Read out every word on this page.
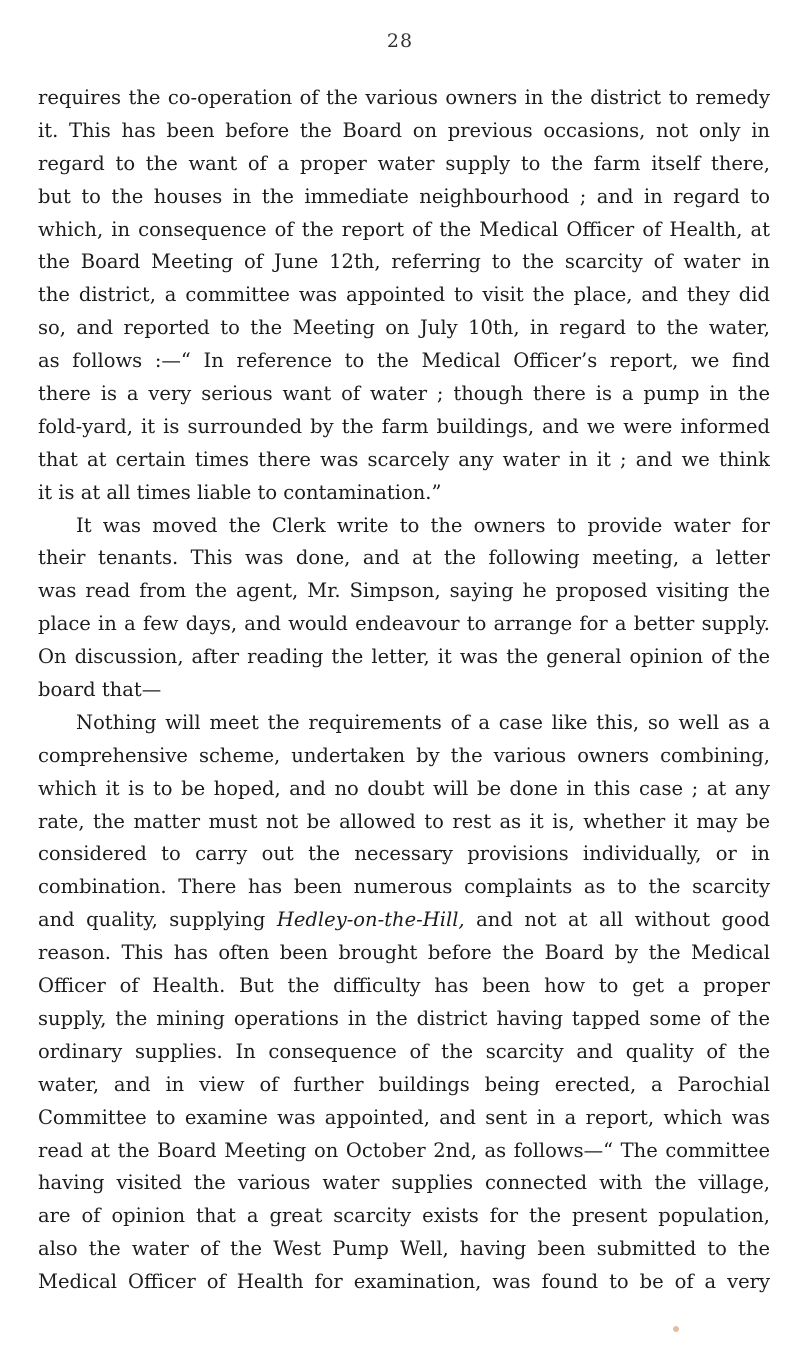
28
requires the co-operation of the various owners in the district to remedy
it. This has been before the Board on previous occasions, not only in
regard to the want of a proper water supply to the farm itself there,
but to the houses in the immediate neighbourhood ; and in regard to
which, in consequence of the report of the Medical Officer of Health, at
the Board Meeting of June 12th, referring to the scarcity of water in
the district, a committee was appointed to visit the place, and they did
so, and reported to the Meeting on July 10th, in regard to the water,
as follows :—“ In reference to the Medical Officer’s report, we find
there is a very serious want of water ; though there is a pump in the
fold-yard, it is surrounded by the farm buildings, and we were informed
that at certain times there was scarcely any water in it ; and we think
it is at all times liable to contamination.”
It was moved the Clerk write to the owners to provide water for
their tenants. This was done, and at the following meeting, a letter
was read from the agent, Mr. Simpson, saying he proposed visiting the
place in a few days, and would endeavour to arrange for a better supply.
On discussion, after reading the letter, it was the general opinion of the
board that—
Nothing will meet the requirements of a case like this, so well as a
comprehensive scheme, undertaken by the various owners combining,
which it is to be hoped, and no doubt will be done in this case ; at any
rate, the matter must not be allowed to rest as it is, whether it may be
considered to carry out the necessary provisions individually, or in
combination. There has been numerous complaints as to the scarcity
and quality, supplying Hedley-on-the-Hill, and not at all without good
reason. This has often been brought before the Board by the Medical
Officer of Health. But the difficulty has been how to get a proper
supply, the mining operations in the district having tapped some of the
ordinary supplies. In consequence of the scarcity and quality of the
water, and in view of further buildings being erected, a Parochial
Committee to examine was appointed, and sent in a report, which was
read at the Board Meeting on October 2nd, as follows—“ The committee
having visited the various water supplies connected with the village,
are of opinion that a great scarcity exists for the present population,
also the water of the West Pump Well, having been submitted to the
Medical Officer of Health for examination, was found to be of a very
